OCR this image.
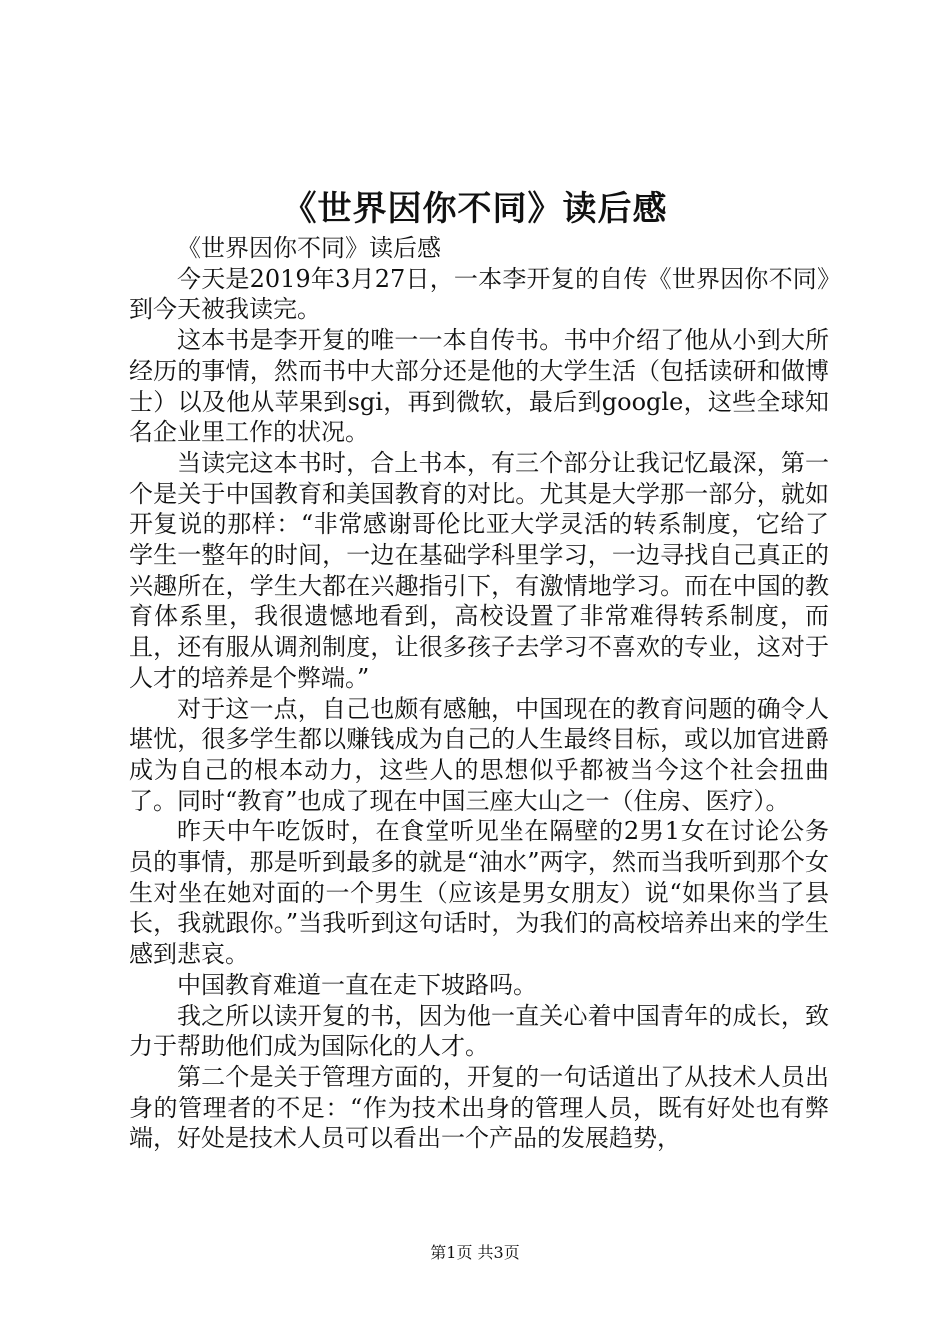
《世界因你不同》读后感

《世界因你不同》读后感

今天是2019年3月27日，一本李开复的自传《世界因你不同》到今天被我读完。

这本书是李开复的唯一一本自传书。书中介绍了他从小到大所经历的事情，然而书中大部分还是他的大学生活（包括读研和做博士）以及他从苹果到sgi，再到微软，最后到google，这些全球知名企业里工作的状况。

当读完这本书时，合上书本，有三个部分让我记忆最深，第一个是关于中国教育和美国教育的对比。尤其是大学那一部分，就如开复说的那样：“非常感谢哥伦比亚大学灵活的转系制度，它给了学生一整年的时间，一边在基础学科里学习，一边寻找自己真正的兴趣所在，学生大都在兴趣指引下，有激情地学习。而在中国的教育体系里，我很遗憾地看到，高校设置了非常难得转系制度，而且，还有服从调剂制度，让很多孩子去学习不喜欢的专业，这对于人才的培养是个弊端。”

对于这一点，自己也颇有感触，中国现在的教育问题的确令人堪忧，很多学生都以赚钱成为自己的人生最终目标，或以加官进爵成为自己的根本动力，这些人的思想似乎都被当今这个社会扭曲了。同时“教育”也成了现在中国三座大山之一（住房、医疗）。

昨天中午吃饭时，在食堂听见坐在隔壁的2男1女在讨论公务员的事情，那是听到最多的就是“油水”两字，然而当我听到那个女生对坐在她对面的一个男生（应该是男女朋友）说“如果你当了县长，我就跟你。”当我听到这句话时，为我们的高校培养出来的学生感到悲哀。

中国教育难道一直在走下坡路吗。

我之所以读开复的书，因为他一直关心着中国青年的成长，致力于帮助他们成为国际化的人才。

第二个是关于管理方面的，开复的一句话道出了从技术人员出身的管理者的不足：“作为技术出身的管理人员，既有好处也有弊端，好处是技术人员可以看出一个产品的发展趋势，

第1页 共3页
